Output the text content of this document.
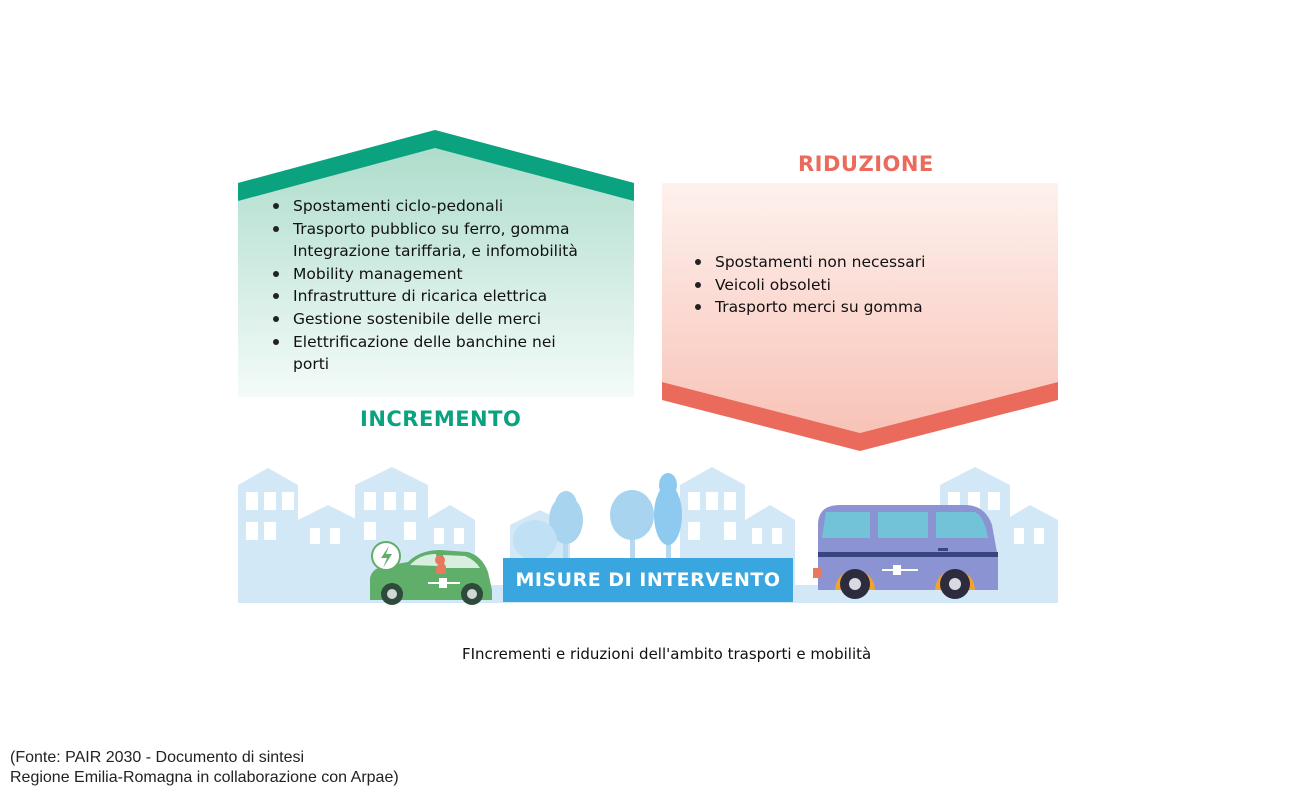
Spostamenti ciclo-pedonali
Trasporto pubblico su ferro, gomma Integrazione tariffaria, e infomobilità
Mobility management
Infrastrutture di ricarica elettrica
Gestione sostenibile delle merci
Elettrificazione delle banchine nei porti
INCREMENTO
RIDUZIONE
Spostamenti non necessari
Veicoli obsoleti
Trasporto merci su gomma
MISURE DI INTERVENTO
FIncrementi e riduzioni dell'ambito trasporti e mobilità
(Fonte: PAIR 2030 - Documento di sintesi
Regione Emilia-Romagna in collaborazione con Arpae)
